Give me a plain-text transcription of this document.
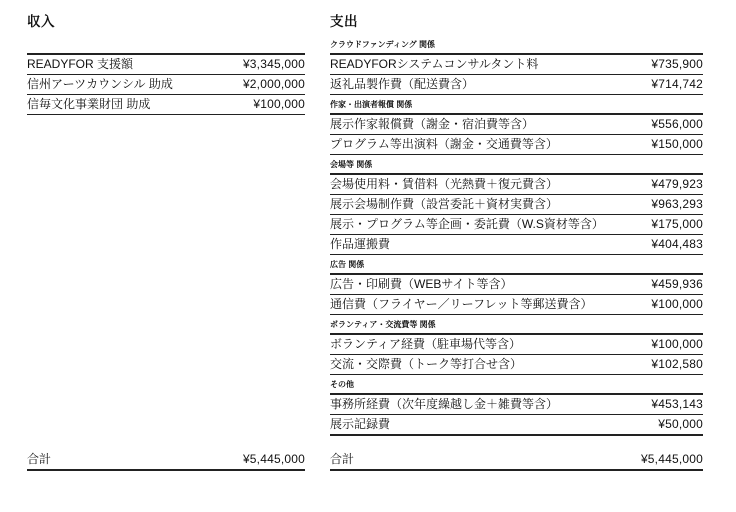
収入
READYFOR 支援額	¥3,345,000
信州アーツカウンシル 助成	¥2,000,000
信毎文化事業財団 助成	¥100,000
合計	¥5,445,000
支出
クラウドファンディング 関係
READYFORシステムコンサルタント料	¥735,900
返礼品製作費（配送費含）	¥714,742
作家・出演者報償 関係
展示作家報償費（謝金・宿泊費等含）	¥556,000
プログラム等出演料（謝金・交通費等含）	¥150,000
会場等 関係
会場使用料・賃借料（光熱費＋復元費含）	¥479,923
展示会場制作費（設営委託＋資材実費含）	¥963,293
展示・プログラム等企画・委託費（W.S資材等含）	¥175,000
作品運搬費	¥404,483
広告 関係
広告・印刷費（WEBサイト等含）	¥459,936
通信費（フライヤー／リーフレット等郵送費含）	¥100,000
ボランティア・交流費等 関係
ボランティア経費（駐車場代等含）	¥100,000
交流・交際費（トーク等打合せ含）	¥102,580
その他
事務所経費（次年度繰越し金＋雑費等含）	¥453,143
展示記録費	¥50,000
合計	¥5,445,000
